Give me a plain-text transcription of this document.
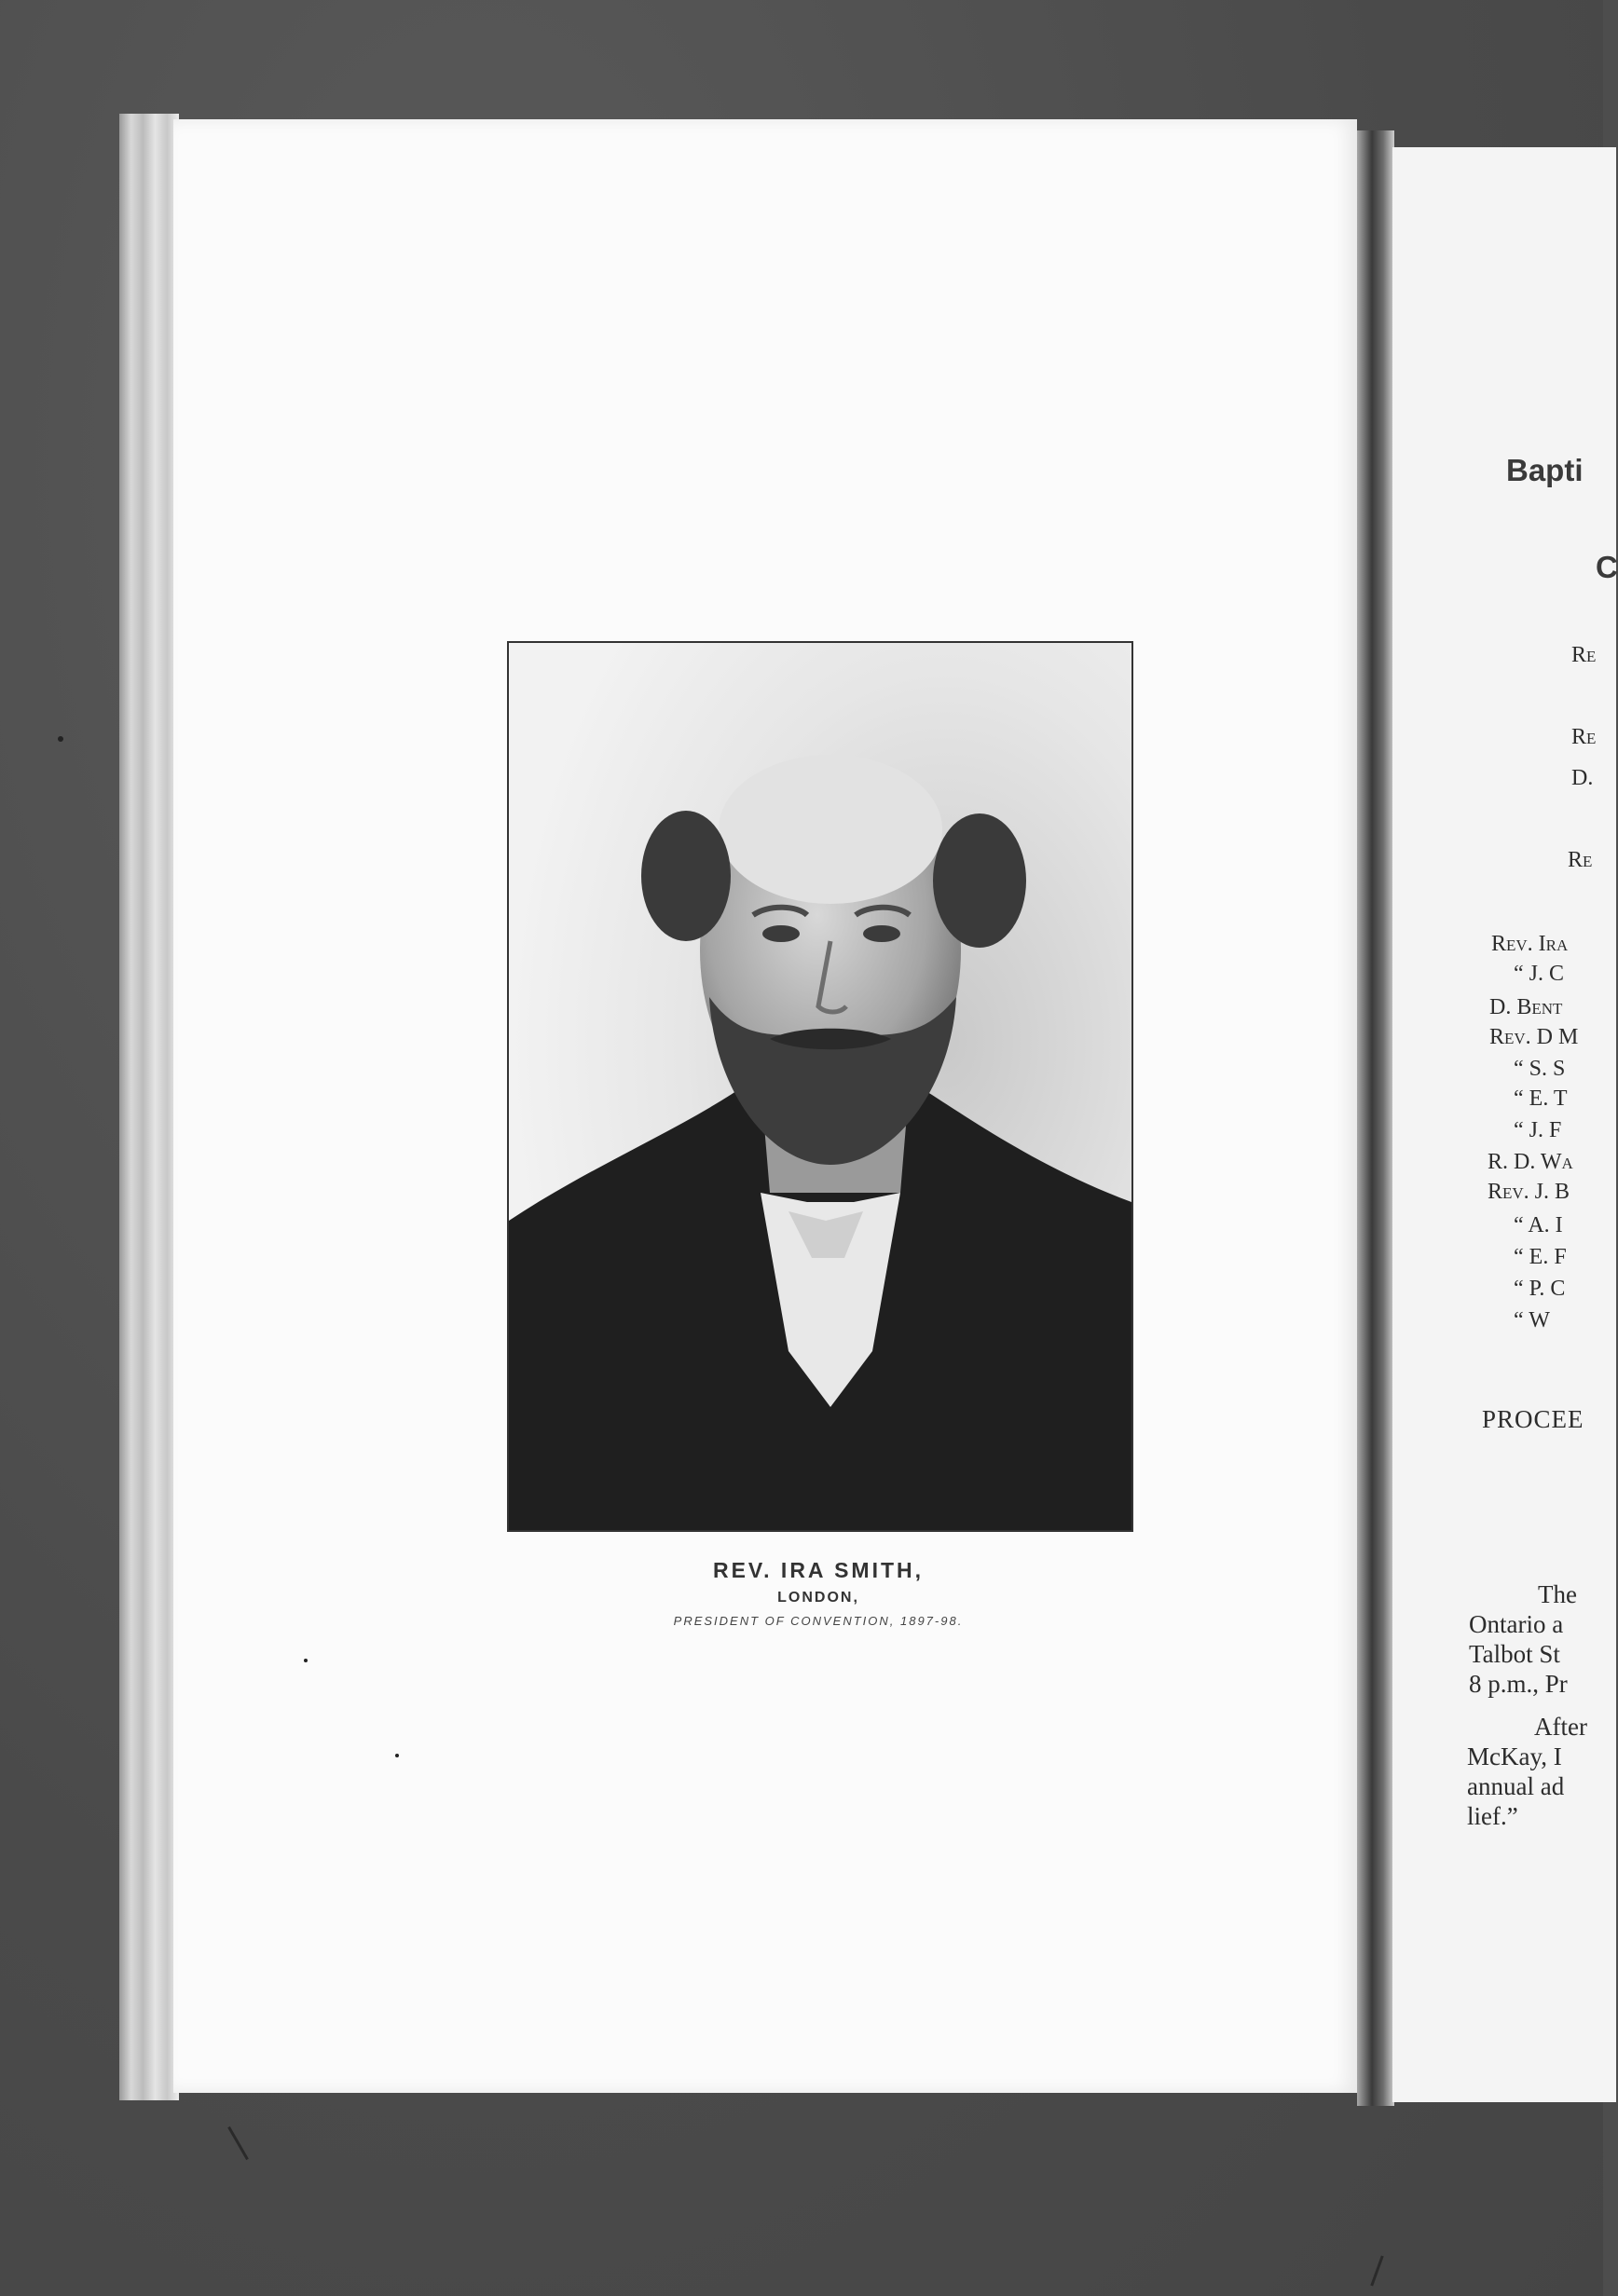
REV. IRA SMITH,
LONDON,
PRESIDENT OF CONVENTION, 1897-98.
Bapti
C
Re
Re
D.
Re
Rev. Ira
“ J. C
D. Bent
Rev. D M
“ S. S
“ E. T
“ J. F
R. D. Wa
Rev. J. B
“ A. I
“ E. F
“ P. C
“ W
PROCEE
The
Ontario a
Talbot St
8 p.m., Pr
After
McKay, I
annual ad
lief.”
